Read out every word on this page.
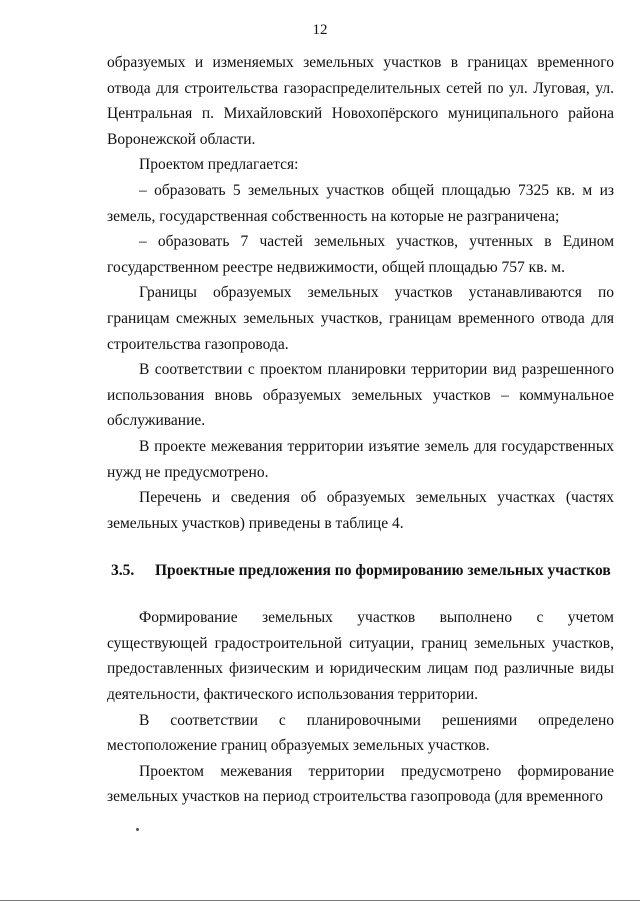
12
образуемых и изменяемых земельных участков в границах временного отвода для строительства газораспределительных сетей по ул. Луговая, ул. Центральная п. Михайловский Новохопёрского муниципального района Воронежской области.
Проектом предлагается:
– образовать 5 земельных участков общей площадью 7325 кв. м из земель, государственная собственность на которые не разграничена;
– образовать 7 частей земельных участков, учтенных в Едином государственном реестре недвижимости, общей площадью 757 кв. м.
Границы образуемых земельных участков устанавливаются по границам смежных земельных участков, границам временного отвода для строительства газопровода.
В соответствии с проектом планировки территории вид разрешенного использования вновь образуемых земельных участков – коммунальное обслуживание.
В проекте межевания территории изъятие земель для государственных нужд не предусмотрено.
Перечень и сведения об образуемых земельных участках (частях земельных участков) приведены в таблице 4.
3.5. Проектные предложения по формированию земельных участков
Формирование земельных участков выполнено с учетом существующей градостроительной ситуации, границ земельных участков, предоставленных физическим и юридическим лицам под различные виды деятельности, фактического использования территории.
В соответствии с планировочными решениями определено местоположение границ образуемых земельных участков.
Проектом межевания территории предусмотрено формирование земельных участков на период строительства газопровода (для временного
